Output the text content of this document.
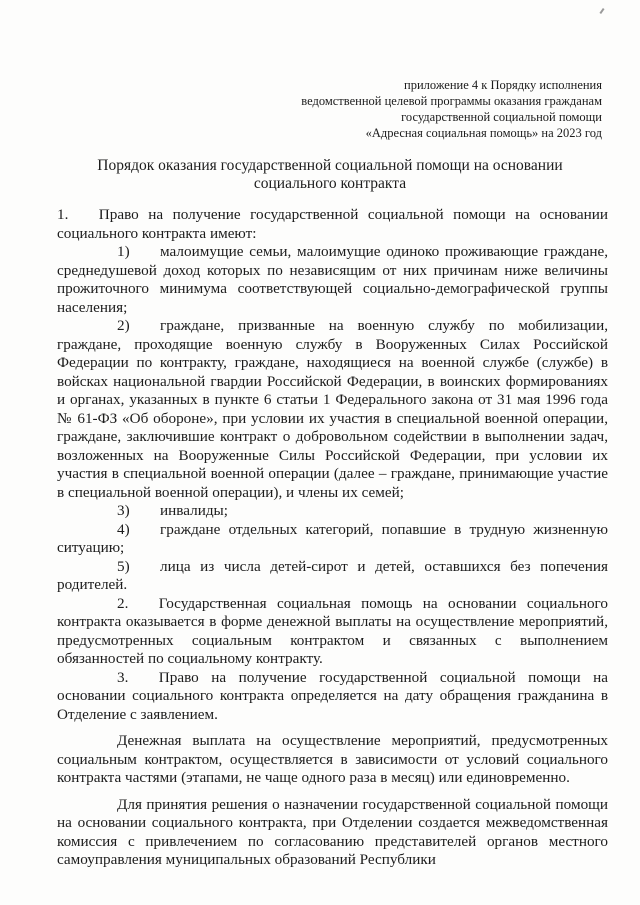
приложение 4 к Порядку исполнения
ведомственной целевой программы оказания гражданам
государственной социальной помощи
«Адресная социальная помощь» на 2023 год
Порядок оказания государственной социальной помощи на основании социального контракта

1.  Право на получение государственной социальной помощи на основании социального контракта имеют:

1)  малоимущие семьи, малоимущие одиноко проживающие граждане, среднедушевой доход которых по независящим от них причинам ниже величины прожиточного минимума соответствующей социально-демографической группы населения;

2)  граждане, призванные на военную службу по мобилизации, граждане, проходящие военную службу в Вооруженных Силах Российской Федерации по контракту, граждане, находящиеся на военной службе (службе) в войсках национальной гвардии Российской Федерации, в воинских формированиях и органах, указанных в пункте 6 статьи 1 Федерального закона от 31 мая 1996 года № 61-ФЗ «Об обороне», при условии их участия в специальной военной операции, граждане, заключившие контракт о добровольном содействии в выполнении задач, возложенных на Вооруженные Силы Российской Федерации, при условии их участия в специальной военной операции (далее – граждане, принимающие участие в специальной военной операции), и члены их семей;

3)  инвалиды;

4)  граждане отдельных категорий, попавшие в трудную жизненную ситуацию;

5)  лица из числа детей-сирот и детей, оставшихся без попечения родителей.

2.  Государственная социальная помощь на основании социального контракта оказывается в форме денежной выплаты на осуществление мероприятий, предусмотренных социальным контрактом и связанных с выполнением обязанностей по социальному контракту.

3.  Право на получение государственной социальной помощи на основании социального контракта определяется на дату обращения гражданина в Отделение с заявлением.

Денежная выплата на осуществление мероприятий, предусмотренных социальным контрактом, осуществляется в зависимости от условий социального контракта частями (этапами, не чаще одного раза в месяц) или единовременно.

Для принятия решения о назначении государственной социальной помощи на основании социального контракта, при Отделении создается межведомственная комиссия с привлечением по согласованию представителей органов местного самоуправления муниципальных образований Республики
